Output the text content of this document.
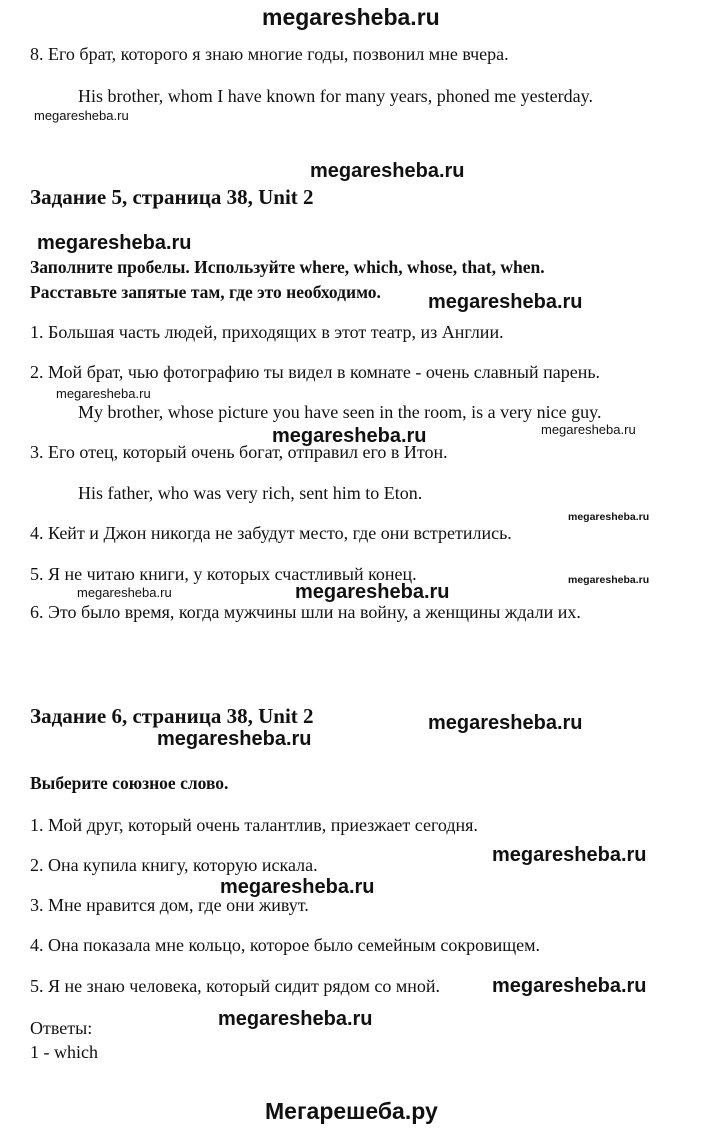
megaresheba.ru
8. Его брат, которого я знаю многие годы, позвонил мне вчера.
His brother, whom I have known for many years, phoned me yesterday.
megaresheba.ru
megaresheba.ru
Задание 5, страница 38, Unit 2
megaresheba.ru
Заполните пробелы. Используйте where, which, whose, that, when.
Расставьте запятые там, где это необходимо. megaresheba.ru
1. Большая часть людей, приходящих в этот театр, из Англии.
2. Мой брат, чью фотографию ты видел в комнате - очень славный парень.
megaresheba.ru
My brother, whose picture you have seen in the room, is a very nice guy.
megaresheba.ru	megaresheba.ru
3. Его отец, который очень богат, отправил его в Итон.
His father, who was very rich, sent him to Eton.
megaresheba.ru
4. Кейт и Джон никогда не забудут место, где они встретились.
5. Я не читаю книги, у которых счастливый конец.	megaresheba.ru
megaresheba.ru	megaresheba.ru
6. Это было время, когда мужчины шли на войну, а женщины ждали их.
Задание 6, страница 38, Unit 2	megaresheba.ru
megaresheba.ru
Выберите союзное слово.
1. Мой друг, который очень талантлив, приезжает сегодня.
megaresheba.ru
2. Она купила книгу, которую искала.
megaresheba.ru
3. Мне нравится дом, где они живут.
4. Она показала мне кольцо, которое было семейным сокровищем.
5. Я не знаю человека, который сидит рядом со мной.	megaresheba.ru
Ответы:	megaresheba.ru
1 - which
Мегарешеба.ру
